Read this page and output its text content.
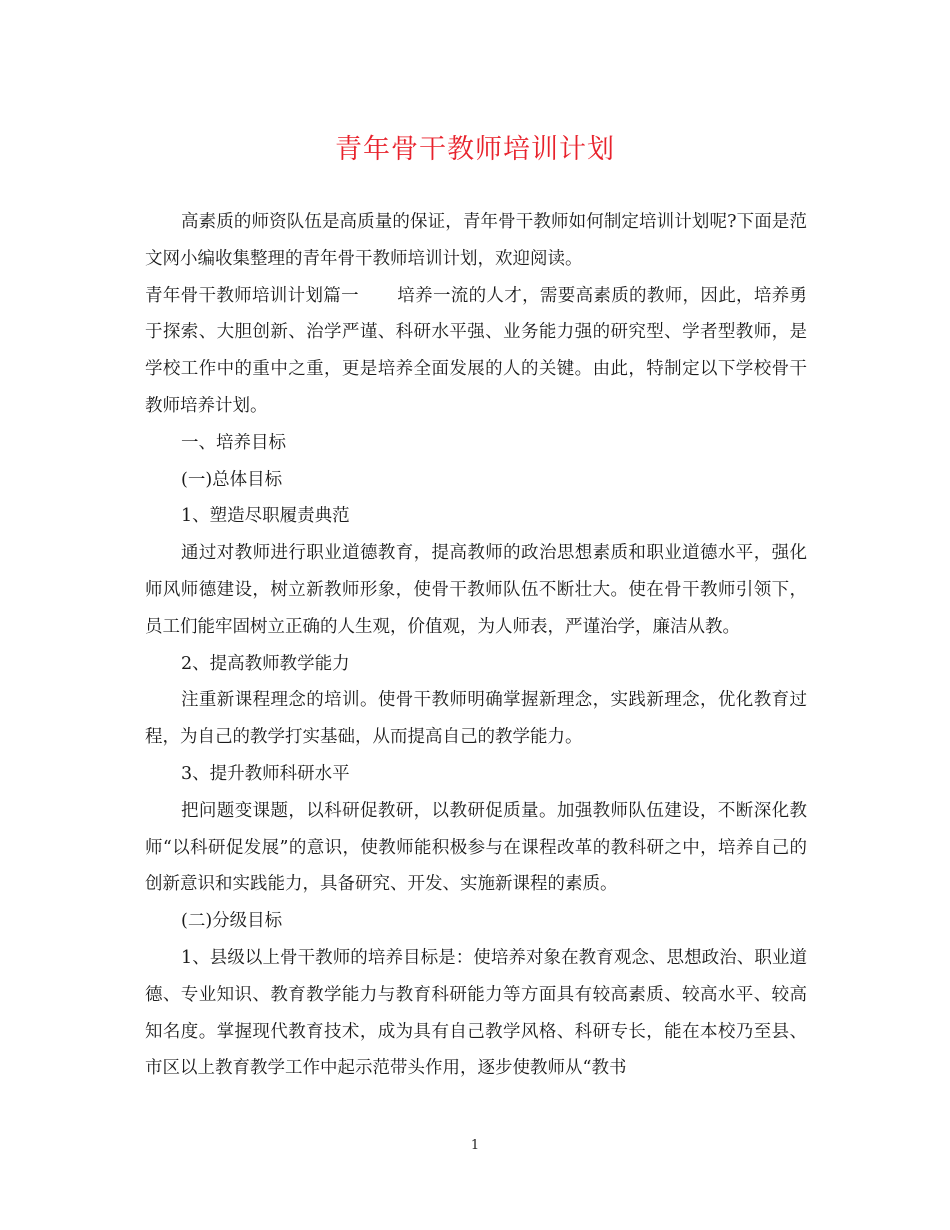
青年骨干教师培训计划

高素质的师资队伍是高质量的保证，青年骨干教师如何制定培训计划呢?下面是范文网小编收集整理的青年骨干教师培训计划，欢迎阅读。

青年骨干教师培训计划篇一 培养一流的人才，需要高素质的教师，因此，培养勇于探索、大胆创新、治学严谨、科研水平强、业务能力强的研究型、学者型教师，是学校工作中的重中之重，更是培养全面发展的人的关键。由此，特制定以下学校骨干教师培养计划。

一、培养目标

(一)总体目标

1、塑造尽职履责典范

通过对教师进行职业道德教育，提高教师的政治思想素质和职业道德水平，强化师风师德建设，树立新教师形象，使骨干教师队伍不断壮大。使在骨干教师引领下，员工们能牢固树立正确的人生观，价值观，为人师表，严谨治学，廉洁从教。

2、提高教师教学能力

注重新课程理念的培训。使骨干教师明确掌握新理念，实践新理念，优化教育过程，为自己的教学打实基础，从而提高自己的教学能力。

3、提升教师科研水平

把问题变课题，以科研促教研，以教研促质量。加强教师队伍建设，不断深化教师“以科研促发展”的意识，使教师能积极参与在课程改革的教科研之中，培养自己的创新意识和实践能力，具备研究、开发、实施新课程的素质。

(二)分级目标

1、县级以上骨干教师的培养目标是：使培养对象在教育观念、思想政治、职业道德、专业知识、教育教学能力与教育科研能力等方面具有较高素质、较高水平、较高知名度。掌握现代教育技术，成为具有自己教学风格、科研专长，能在本校乃至县、市区以上教育教学工作中起示范带头作用，逐步使教师从“教书

1
